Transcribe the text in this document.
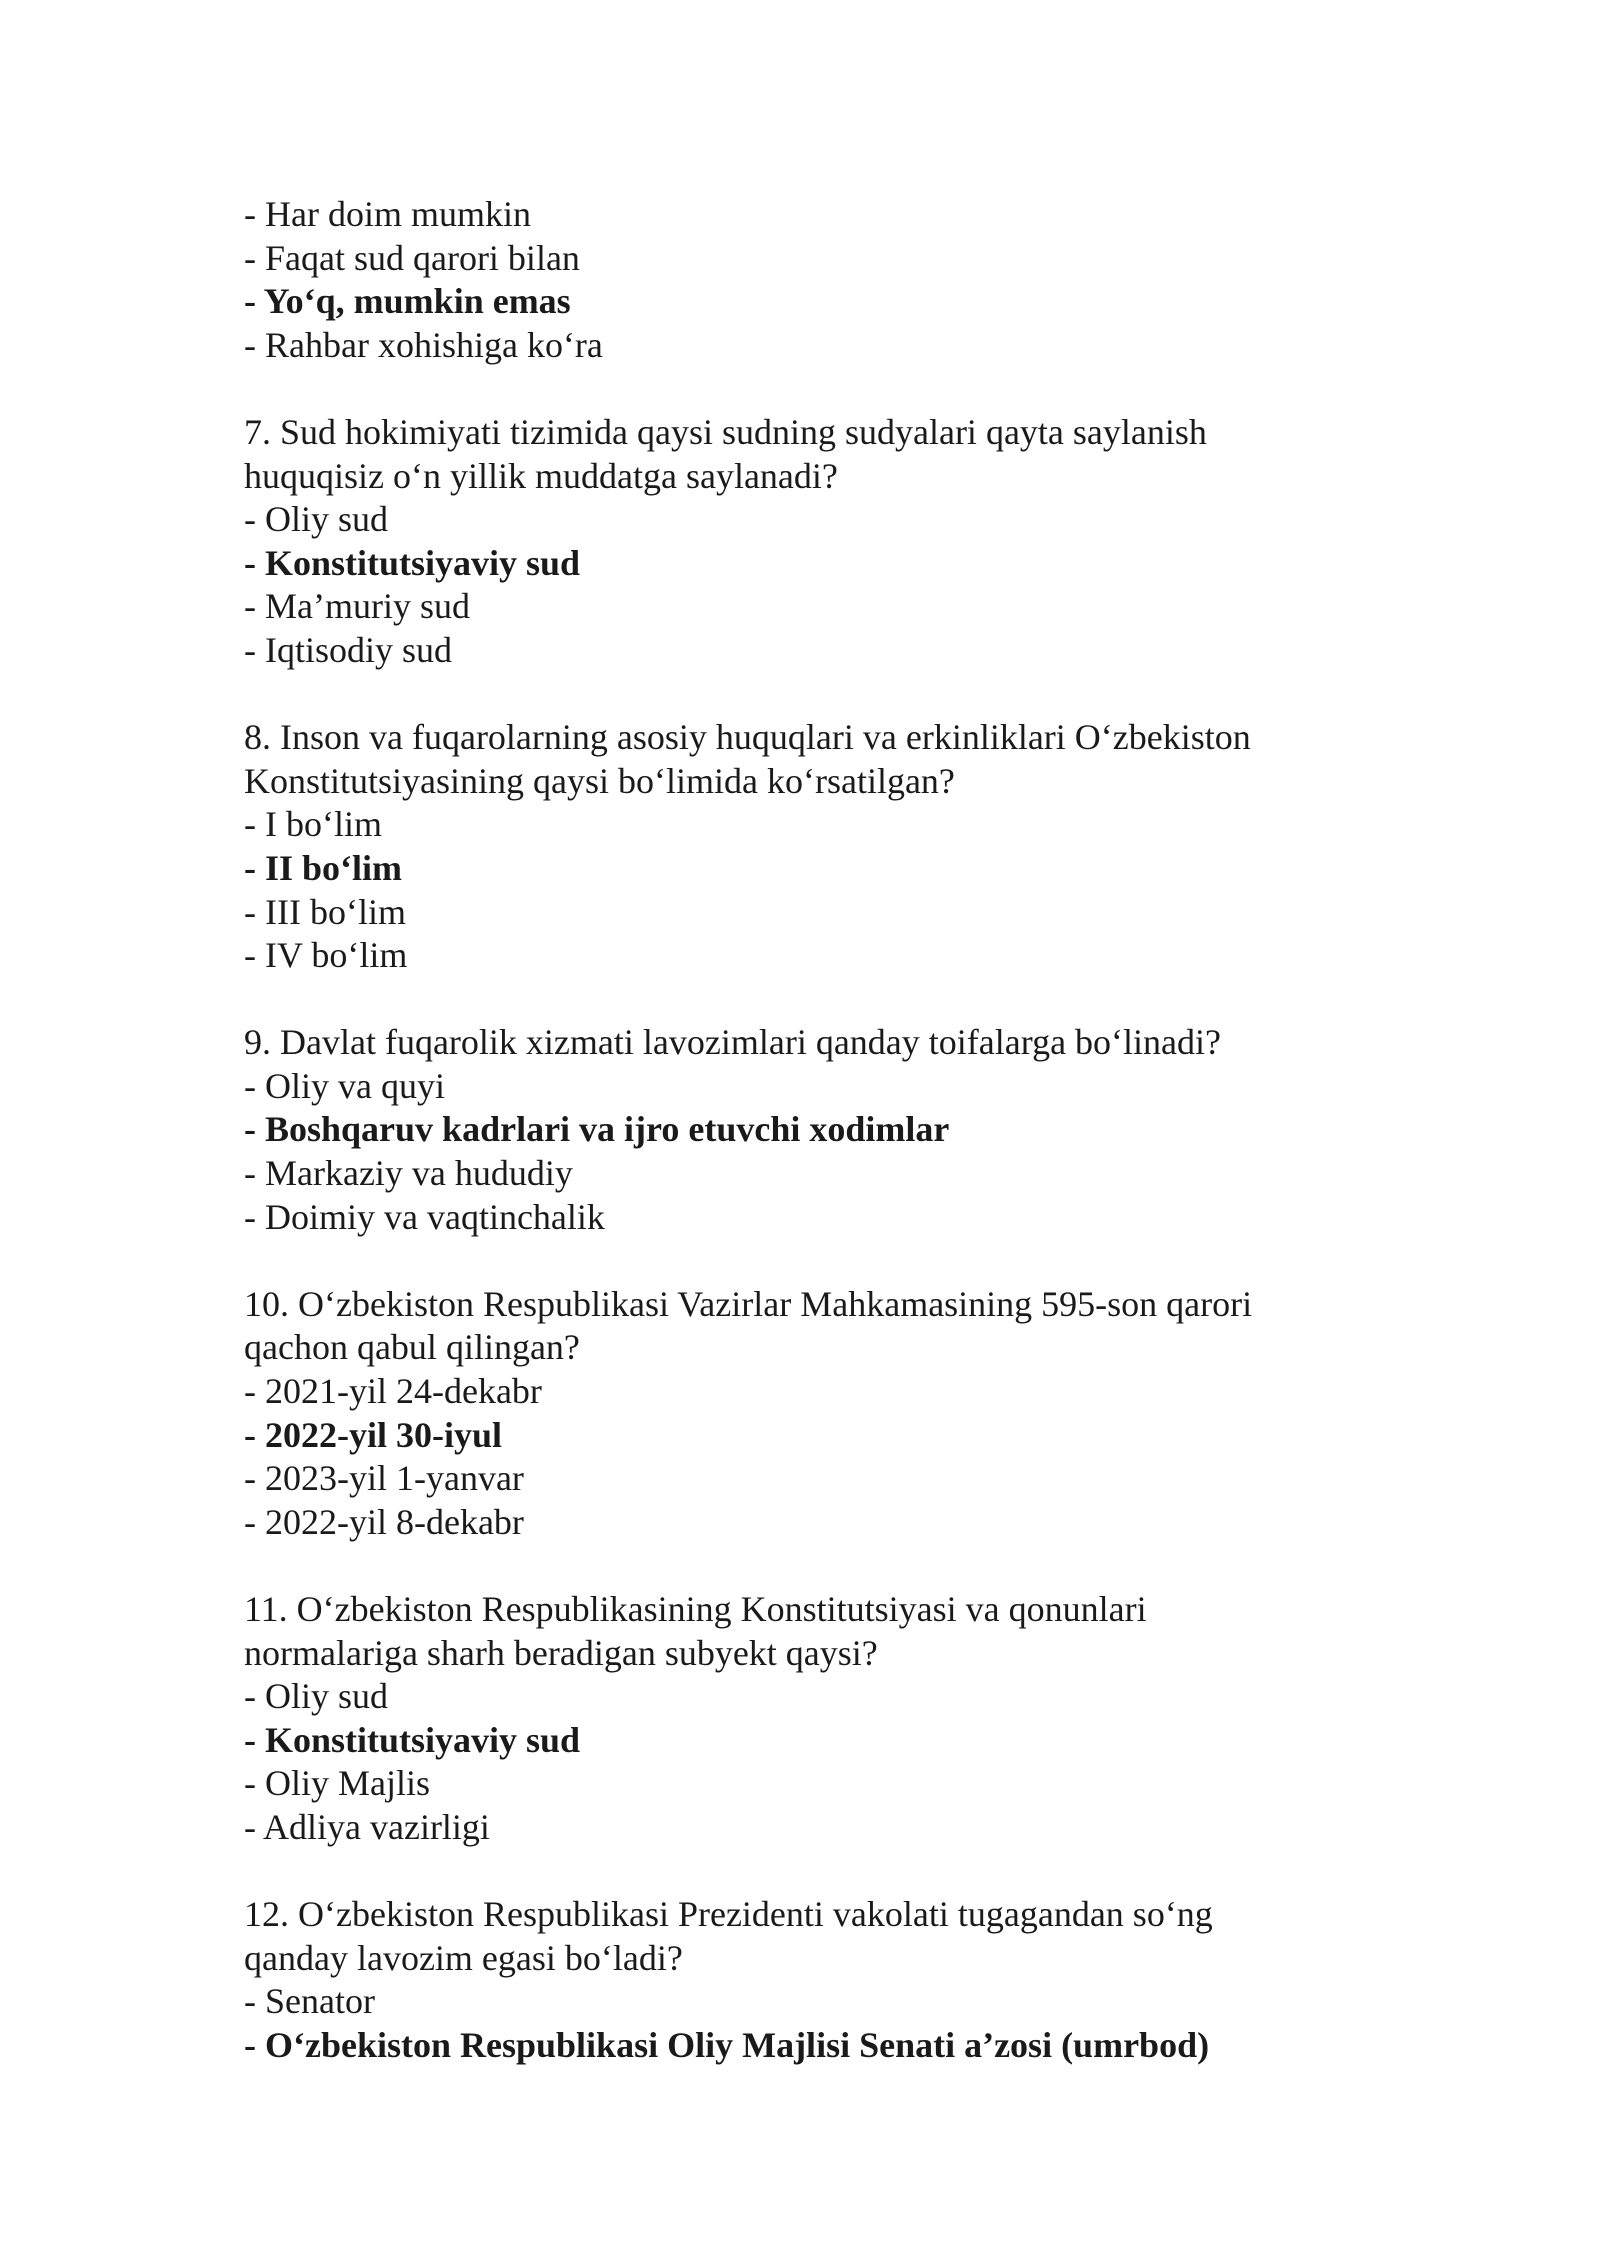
- Har doim mumkin
- Faqat sud qarori bilan
- Yo‘q, mumkin emas
- Rahbar xohishiga ko‘ra
7. Sud hokimiyati tizimida qaysi sudning sudyalari qayta saylanish
huquqisiz o‘n yillik muddatga saylanadi?
- Oliy sud
- Konstitutsiyaviy sud
- Ma’muriy sud
- Iqtisodiy sud
8. Inson va fuqarolarning asosiy huquqlari va erkinliklari O‘zbekiston
Konstitutsiyasining qaysi bo‘limida ko‘rsatilgan?
- I bo‘lim
- II bo‘lim
- III bo‘lim
- IV bo‘lim
9. Davlat fuqarolik xizmati lavozimlari qanday toifalarga bo‘linadi?
- Oliy va quyi
- Boshqaruv kadrlari va ijro etuvchi xodimlar
- Markaziy va hududiy
- Doimiy va vaqtinchalik
10. O‘zbekiston Respublikasi Vazirlar Mahkamasining 595-son qarori
qachon qabul qilingan?
- 2021-yil 24-dekabr
- 2022-yil 30-iyul
- 2023-yil 1-yanvar
- 2022-yil 8-dekabr
11. O‘zbekiston Respublikasining Konstitutsiyasi va qonunlari
normalariga sharh beradigan subyekt qaysi?
- Oliy sud
- Konstitutsiyaviy sud
- Oliy Majlis
- Adliya vazirligi
12. O‘zbekiston Respublikasi Prezidenti vakolati tugagandan so‘ng
qanday lavozim egasi bo‘ladi?
- Senator
- O‘zbekiston Respublikasi Oliy Majlisi Senati a’zosi (umrbod)
